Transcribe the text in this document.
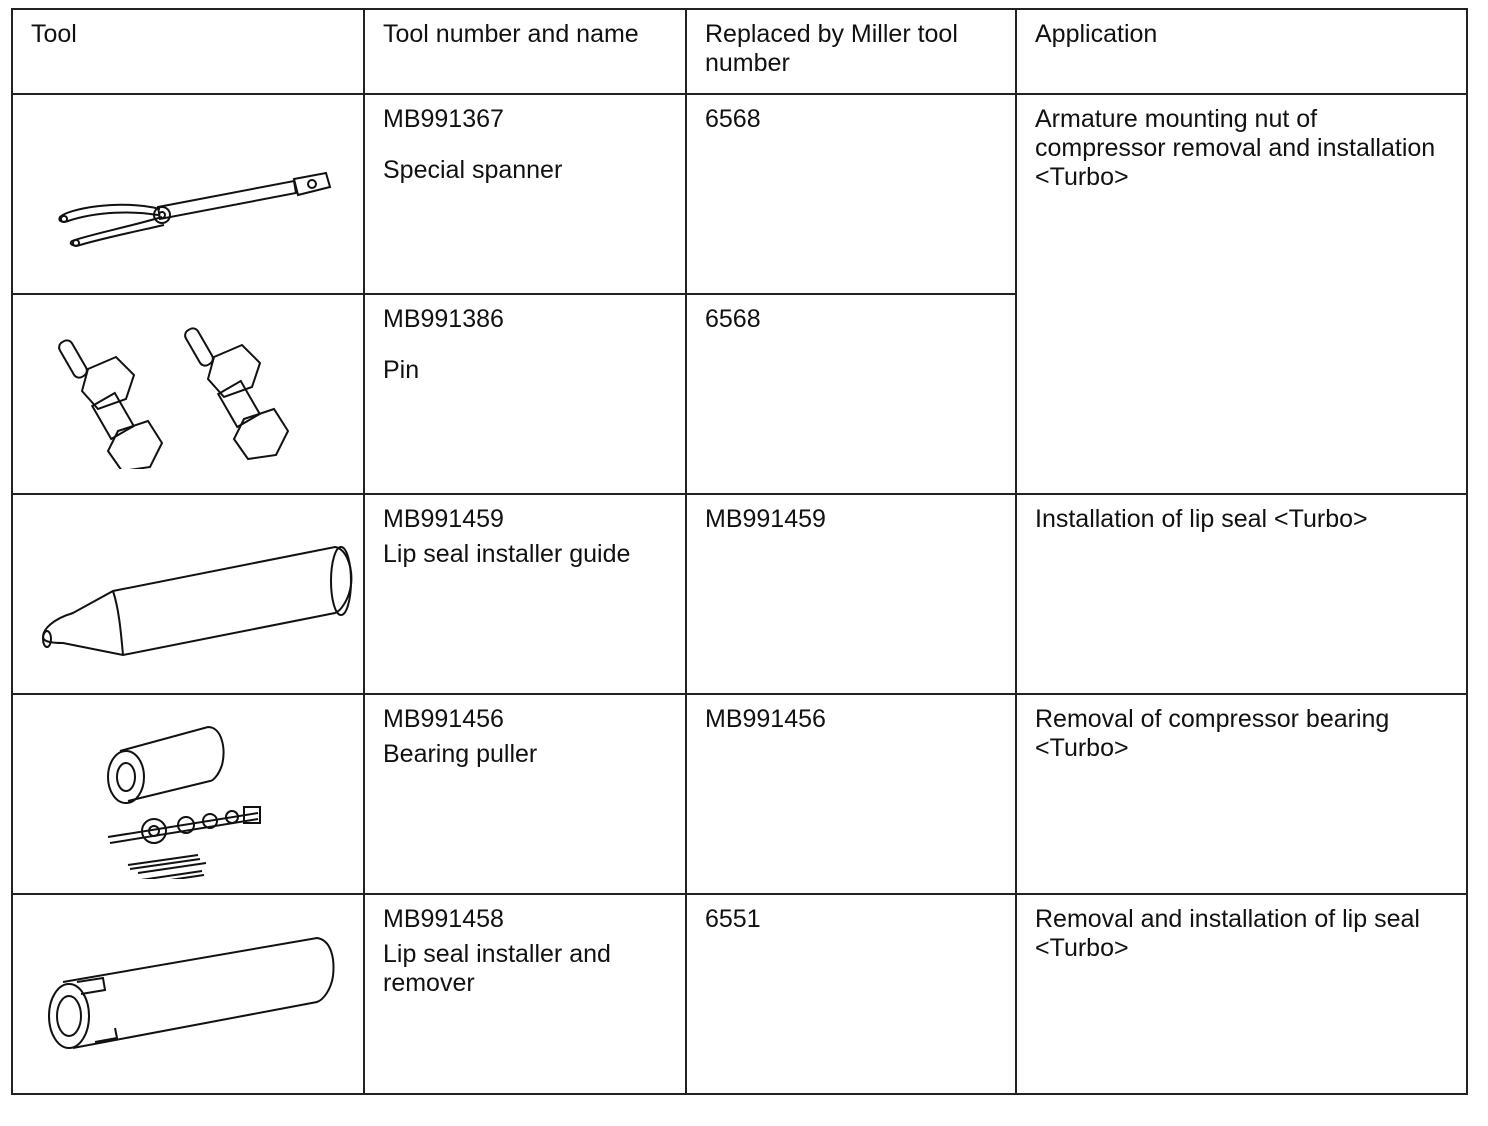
Tool	Tool number and name	Replaced by Miller tool number	Application

MB991367
Special spanner	6568	Armature mounting nut of compressor removal and installation <Turbo>

MB991386
Pin	6568	

MB991459
Lip seal installer guide	MB991459	Installation of lip seal <Turbo>

MB991456
Bearing puller	MB991456	Removal of compressor bearing <Turbo>

MB991458
Lip seal installer and remover	6551	Removal and installation of lip seal <Turbo>
